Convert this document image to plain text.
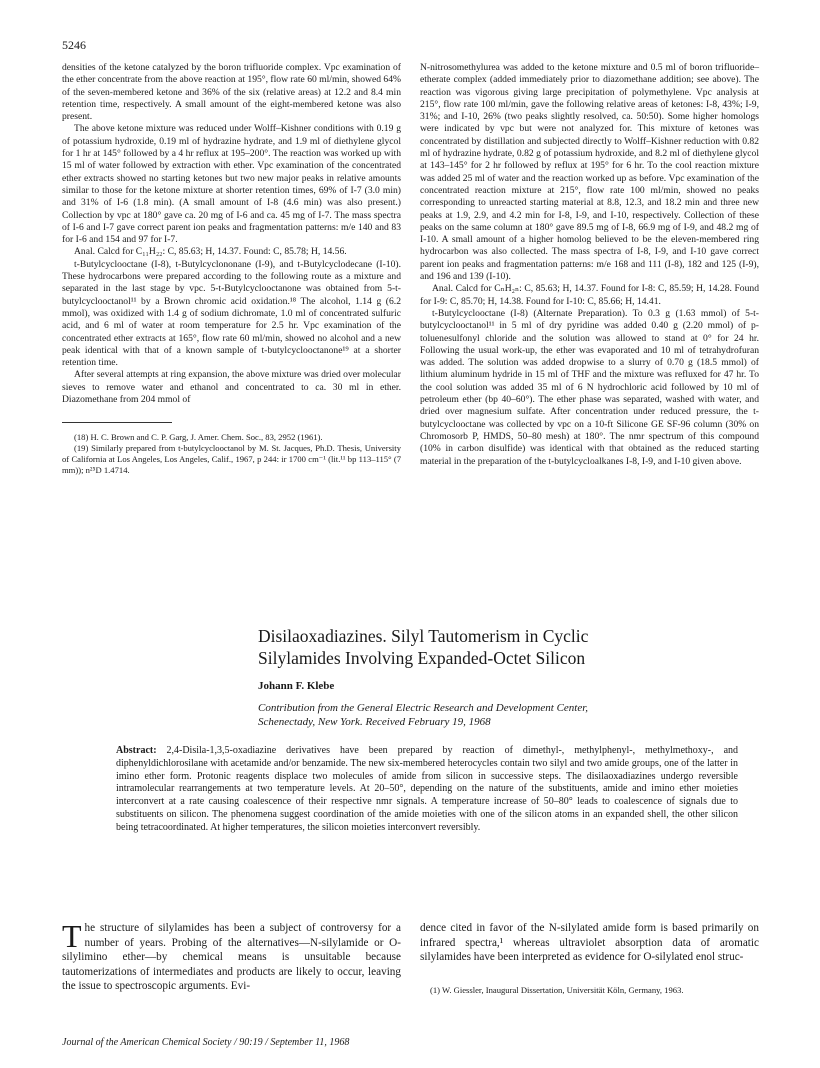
5246

densities of the ketone catalyzed by the boron trifluoride complex. Vpc examination of the ether concentrate from the above reaction at 195°, flow rate 60 ml/min, showed 64% of the seven-membered ketone and 36% of the six (relative areas) at 12.2 and 8.4 min retention time, respectively. A small amount of the eight-membered ketone was also present.

The above ketone mixture was reduced under Wolff–Kishner conditions with 0.19 g of potassium hydroxide, 0.19 ml of hydrazine hydrate, and 1.9 ml of diethylene glycol for 1 hr at 145° followed by a 4 hr reflux at 195–200°. The reaction was worked up with 15 ml of water followed by extraction with ether. Vpc examination of the concentrated ether extracts showed no starting ketones but two new major peaks in relative amounts similar to those for the ketone mixture at shorter retention times, 69% of I-7 (3.0 min) and 31% of I-6 (1.8 min). (A small amount of I-8 (4.6 min) was also present.) Collection by vpc at 180° gave ca. 20 mg of I-6 and ca. 45 mg of I-7. The mass spectra of I-6 and I-7 gave correct parent ion peaks and fragmentation patterns: m/e 140 and 83 for I-6 and 154 and 97 for I-7.

Anal. Calcd for C₁₁H₂₂: C, 85.63; H, 14.37. Found: C, 85.78; H, 14.56.

t-Butylcyclooctane (I-8), t-Butylcyclononane (I-9), and t-Butylcyclodecane (I-10). These hydrocarbons were prepared according to the following route as a mixture and separated in the last stage by vpc. 5-t-Butylcyclooctanone was obtained from 5-t-butylcyclooctanol¹¹ by a Brown chromic acid oxidation.¹⁸ The alcohol, 1.14 g (6.2 mmol), was oxidized with 1.4 g of sodium dichromate, 1.0 ml of concentrated sulfuric acid, and 6 ml of water at room temperature for 2.5 hr. Vpc examination of the concentrated ether extracts at 165°, flow rate 60 ml/min, showed no alcohol and a new peak identical with that of a known sample of t-butylcyclooctanone¹⁹ at a shorter retention time.

After several attempts at ring expansion, the above mixture was dried over molecular sieves to remove water and ethanol and concentrated to ca. 30 ml in ether. Diazomethane from 204 mmol of

(18) H. C. Brown and C. P. Garg, J. Amer. Chem. Soc., 83, 2952 (1961).

(19) Similarly prepared from t-butylcyclooctanol by M. St. Jacques, Ph.D. Thesis, University of California at Los Angeles, Los Angeles, Calif., 1967, p 244: ir 1700 cm⁻¹ (lit.¹¹ bp 113–115° (7 mm)); n²⁵D 1.4714.

N-nitrosomethylurea was added to the ketone mixture and 0.5 ml of boron trifluoride–etherate complex (added immediately prior to diazomethane addition; see above). The reaction was vigorous giving large precipitation of polymethylene. Vpc analysis at 215°, flow rate 100 ml/min, gave the following relative areas of ketones: I-8, 43%; I-9, 31%; and I-10, 26% (two peaks slightly resolved, ca. 50:50). Some higher homologs were indicated by vpc but were not analyzed for. This mixture of ketones was concentrated by distillation and subjected directly to Wolff–Kishner reduction with 0.82 ml of hydrazine hydrate, 0.82 g of potassium hydroxide, and 8.2 ml of diethylene glycol at 143–145° for 2 hr followed by reflux at 195° for 6 hr. To the cool reaction mixture was added 25 ml of water and the reaction worked up as before. Vpc examination of the concentrated reaction mixture at 215°, flow rate 100 ml/min, showed no peaks corresponding to unreacted starting material at 8.8, 12.3, and 18.2 min and three new peaks at 1.9, 2.9, and 4.2 min for I-8, I-9, and I-10, respectively. Collection of these peaks on the same column at 180° gave 89.5 mg of I-8, 66.9 mg of I-9, and 48.2 mg of I-10. A small amount of a higher homolog believed to be the eleven-membered ring hydrocarbon was also collected. The mass spectra of I-8, I-9, and I-10 gave correct parent ion peaks and fragmentation patterns: m/e 168 and 111 (I-8), 182 and 125 (I-9), and 196 and 139 (I-10).

Anal. Calcd for CₙH₂ₙ: C, 85.63; H, 14.37. Found for I-8: C, 85.59; H, 14.28. Found for I-9: C, 85.70; H, 14.38. Found for I-10: C, 85.66; H, 14.41.

t-Butylcyclooctane (I-8) (Alternate Preparation). To 0.3 g (1.63 mmol) of 5-t-butylcyclooctanol¹¹ in 5 ml of dry pyridine was added 0.40 g (2.20 mmol) of p-toluenesulfonyl chloride and the solution was allowed to stand at 0° for 24 hr. Following the usual work-up, the ether was evaporated and 10 ml of tetrahydrofuran was added. The solution was added dropwise to a slurry of 0.70 g (18.5 mmol) of lithium aluminum hydride in 15 ml of THF and the mixture was refluxed for 47 hr. To the cool solution was added 35 ml of 6 N hydrochloric acid followed by 10 ml of petroleum ether (bp 40–60°). The ether phase was separated, washed with water, and dried over magnesium sulfate. After concentration under reduced pressure, the t-butylcyclooctane was collected by vpc on a 10-ft Silicone GE SF-96 column (30% on Chromosorb P, HMDS, 50–80 mesh) at 180°. The nmr spectrum of this compound (10% in carbon disulfide) was identical with that obtained as the reduced starting material in the preparation of the t-butylcycloalkanes I-8, I-9, and I-10 given above.

Disilaoxadiazines. Silyl Tautomerism in Cyclic
Silylamides Involving Expanded-Octet Silicon
Johann F. Klebe

Contribution from the General Electric Research and Development Center,
Schenectady, New York. Received February 19, 1968

Abstract: 2,4-Disila-1,3,5-oxadiazine derivatives have been prepared by reaction of dimethyl-, methylphenyl-, methylmethoxy-, and diphenyldichlorosilane with acetamide and/or benzamide. The new six-membered heterocycles contain two silyl and two amide groups, one of the latter in imino ether form. Protonic reagents displace two molecules of amide from silicon in successive steps. The disilaoxadiazines undergo reversible intramolecular rearrangements at two temperature levels. At 20–50°, depending on the nature of the substituents, amide and imino ether moieties interconvert at a rate causing coalescence of their respective nmr signals. A temperature increase of 50–80° leads to coalescence of signals due to substituents on silicon. The phenomena suggest coordination of the amide moieties with one of the silicon atoms in an expanded shell, the other silicon being tetracoordinated. At higher temperatures, the silicon moieties interconvert reversibly.

T he structure of silylamides has been a subject of controversy for a number of years. Probing of the alternatives—N-silylamide or O-silylimino ether—by chemical means is unsuitable because tautomerizations of intermediates and products are likely to occur, leaving the issue to spectroscopic arguments. Evi-

dence cited in favor of the N-silylated amide form is based primarily on infrared spectra,¹ whereas ultraviolet absorption data of aromatic silylamides have been interpreted as evidence for O-silylated enol struc-

(1) W. Giessler, Inaugural Dissertation, Universität Köln, Germany, 1963.

Journal of the American Chemical Society / 90:19 / September 11, 1968
